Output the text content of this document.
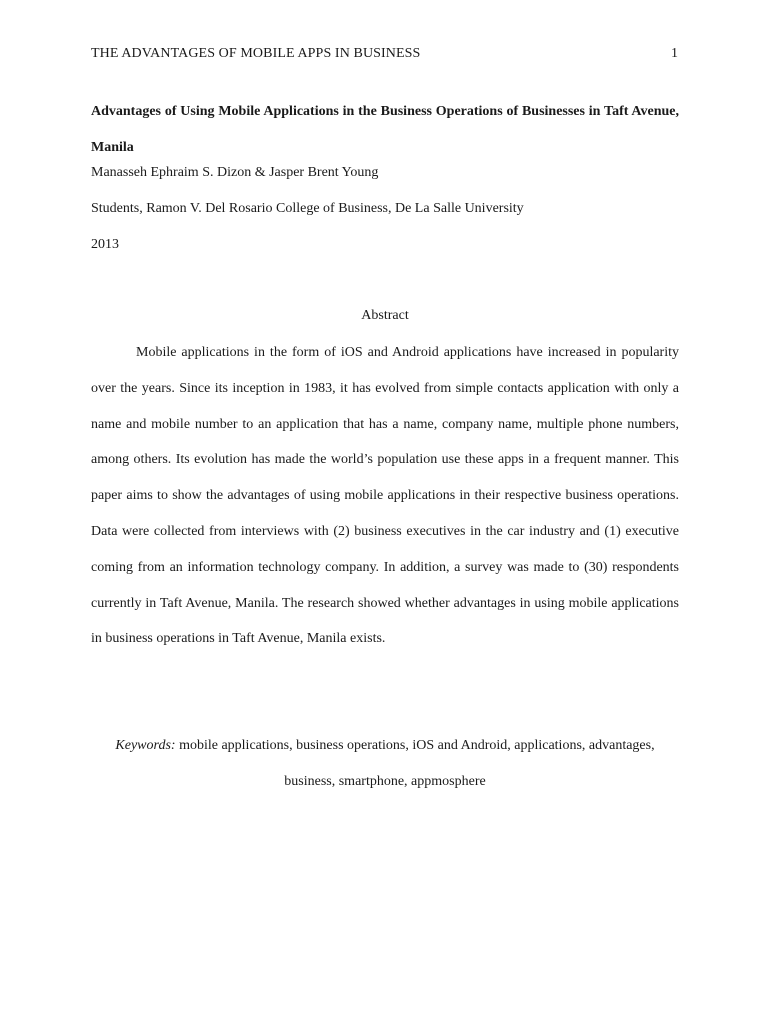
THE ADVANTAGES OF MOBILE APPS IN BUSINESS	1
Advantages of Using Mobile Applications in the Business Operations of Businesses in Taft Avenue, Manila
Manasseh Ephraim S. Dizon & Jasper Brent Young
Students, Ramon V. Del Rosario College of Business, De La Salle University
2013
Abstract

Mobile applications in the form of iOS and Android applications have increased in popularity over the years. Since its inception in 1983, it has evolved from simple contacts application with only a name and mobile number to an application that has a name, company name, multiple phone numbers, among others. Its evolution has made the world’s population use these apps in a frequent manner. This paper aims to show the advantages of using mobile applications in their respective business operations. Data were collected from interviews with (2) business executives in the car industry and (1) executive coming from an information technology company. In addition, a survey was made to (30) respondents currently in Taft Avenue, Manila. The research showed whether advantages in using mobile applications in business operations in Taft Avenue, Manila exists.

Keywords: mobile applications, business operations, iOS and Android, applications, advantages, business, smartphone, appmosphere
